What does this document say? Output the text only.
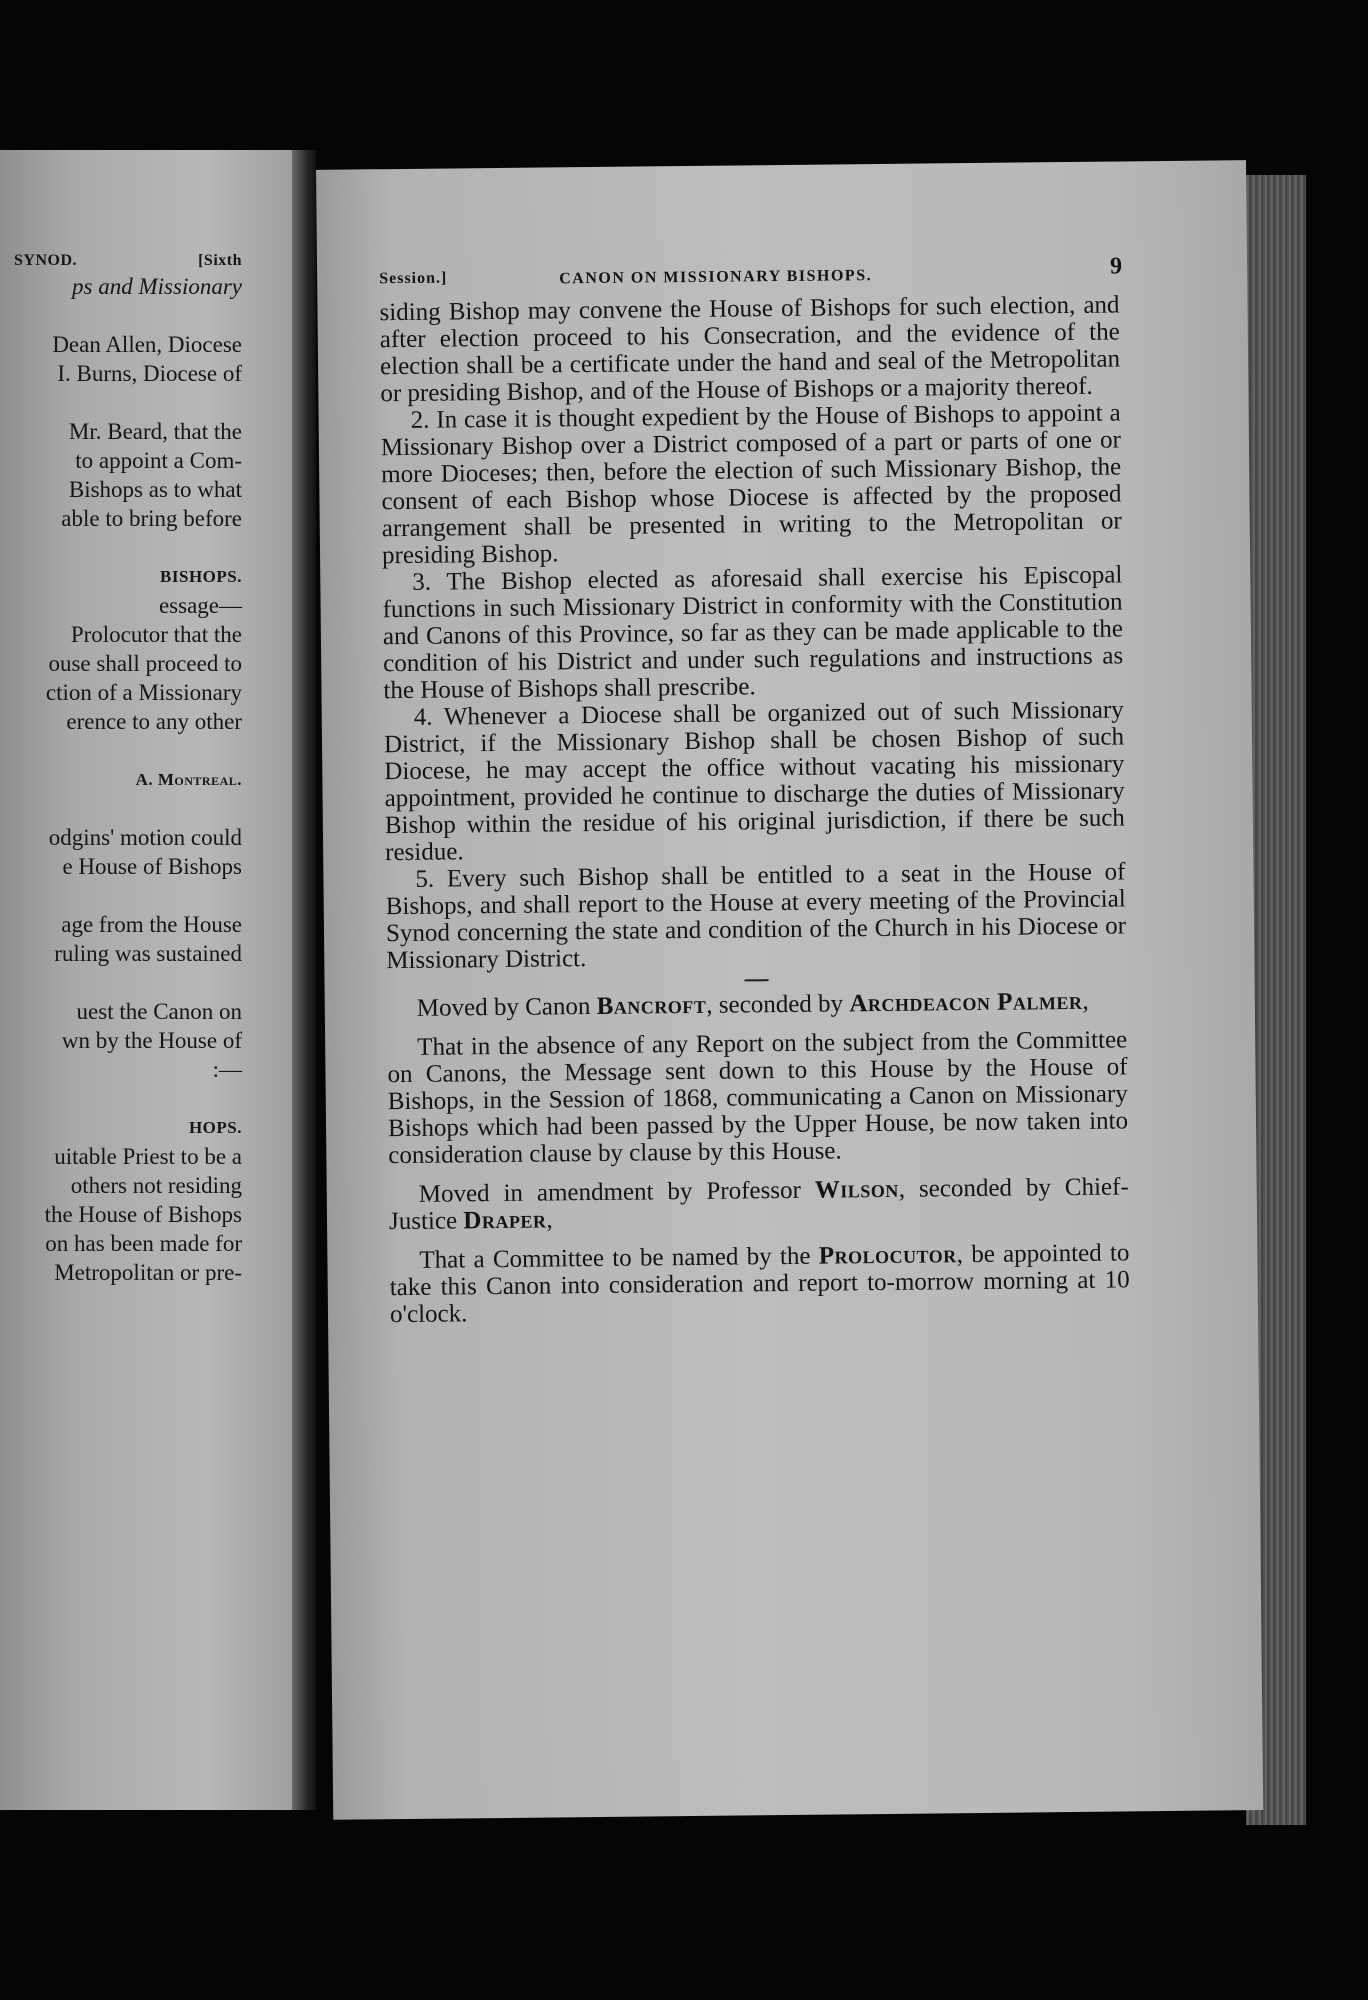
SYNOD.	[Sixth
ps and Missionary
Dean Allen, Diocese
I. Burns, Diocese of
Mr. Beard, that the
to appoint a Com-
Bishops as to what
able to bring before
BISHOPS.
essage—
Prolocutor that the
ouse shall proceed to
ction of a Missionary
erence to any other
A. Montreal.
odgins' motion could
e House of Bishops
age from the House
ruling was sustained
uest the Canon on
wn by the House of
:—
HOPS.
uitable Priest to be a
others not residing
the House of Bishops
on has been made for
Metropolitan or pre-
Session.]	CANON ON MISSIONARY BISHOPS.	9

siding Bishop may convene the House of Bishops for such election, and after election proceed to his Consecration, and the evidence of the election shall be a certificate under the hand and seal of the Metropolitan or presiding Bishop, and of the House of Bishops or a majority thereof.

2. In case it is thought expedient by the House of Bishops to appoint a Missionary Bishop over a District composed of a part or parts of one or more Dioceses; then, before the election of such Missionary Bishop, the consent of each Bishop whose Diocese is affected by the proposed arrangement shall be presented in writing to the Metropolitan or presiding Bishop.

3. The Bishop elected as aforesaid shall exercise his Episcopal functions in such Missionary District in conformity with the Constitution and Canons of this Province, so far as they can be made applicable to the condition of his District and under such regulations and instructions as the House of Bishops shall prescribe.

4. Whenever a Diocese shall be organized out of such Missionary District, if the Missionary Bishop shall be chosen Bishop of such Diocese, he may accept the office without vacating his missionary appointment, provided he continue to discharge the duties of Missionary Bishop within the residue of his original jurisdiction, if there be such residue.

5. Every such Bishop shall be entitled to a seat in the House of Bishops, and shall report to the House at every meeting of the Provincial Synod concerning the state and condition of the Church in his Diocese or Missionary District.

Moved by Canon Bancroft, seconded by Archdeacon Palmer,

That in the absence of any Report on the subject from the Committee on Canons, the Message sent down to this House by the House of Bishops, in the Session of 1868, communicating a Canon on Missionary Bishops which had been passed by the Upper House, be now taken into consideration clause by clause by this House.

Moved in amendment by Professor Wilson, seconded by Chief-Justice Draper,

That a Committee to be named by the Prolocutor, be appointed to take this Canon into consideration and report to-morrow morning at 10 o'clock.
